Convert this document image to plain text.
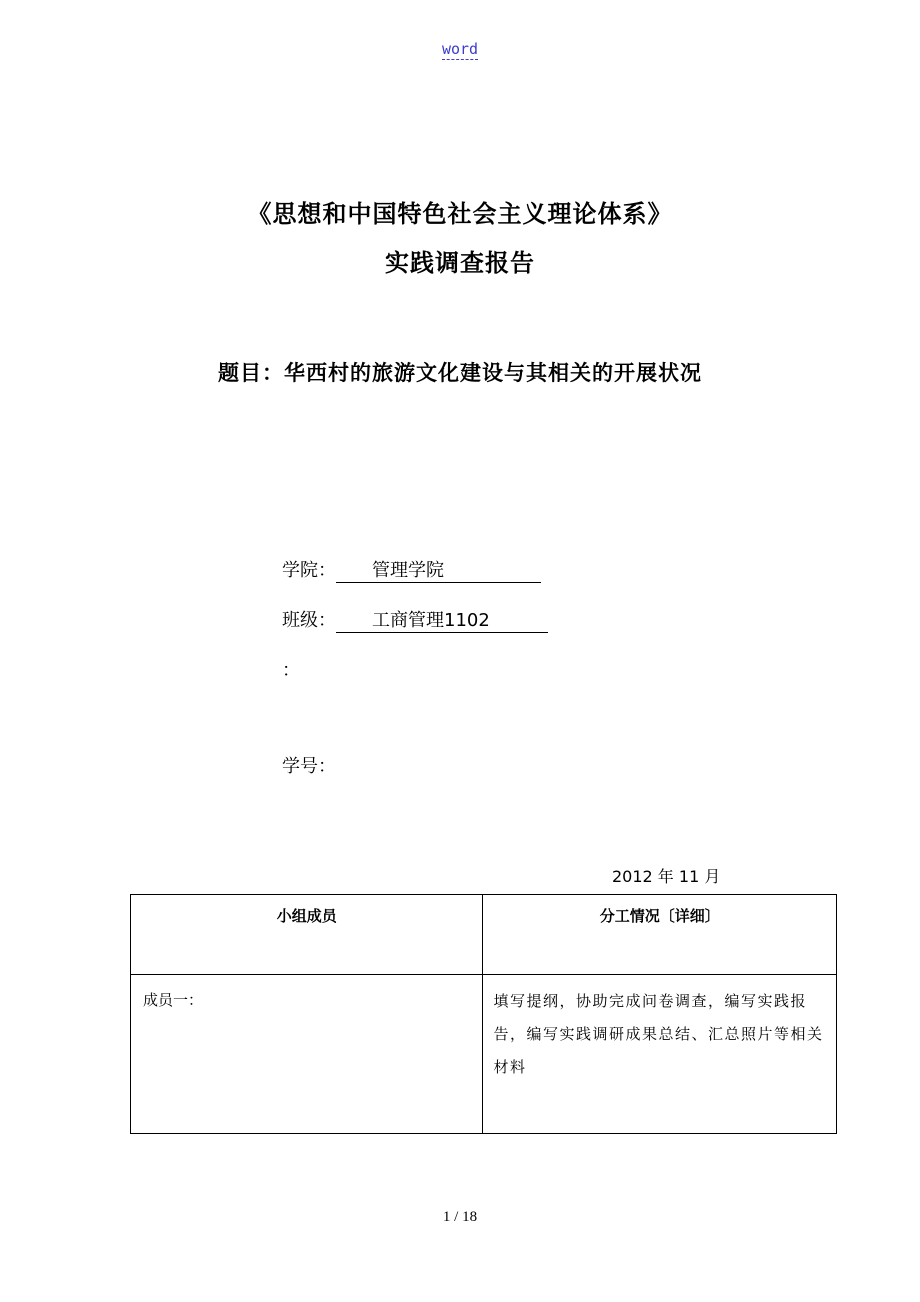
word
《思想和中国特色社会主义理论体系》
实践调查报告
题目：华西村的旅游文化建设与其相关的开展状况
学院： 管理学院
班级： 工商管理1102
：
学号：
2012 年 11 月
小组成员	分工情况〔详细〕

成员一：	填写提纲，协助完成问卷调查，编写实践报告，编写实践调研成果总结、汇总照片等相关材料
1 / 18
